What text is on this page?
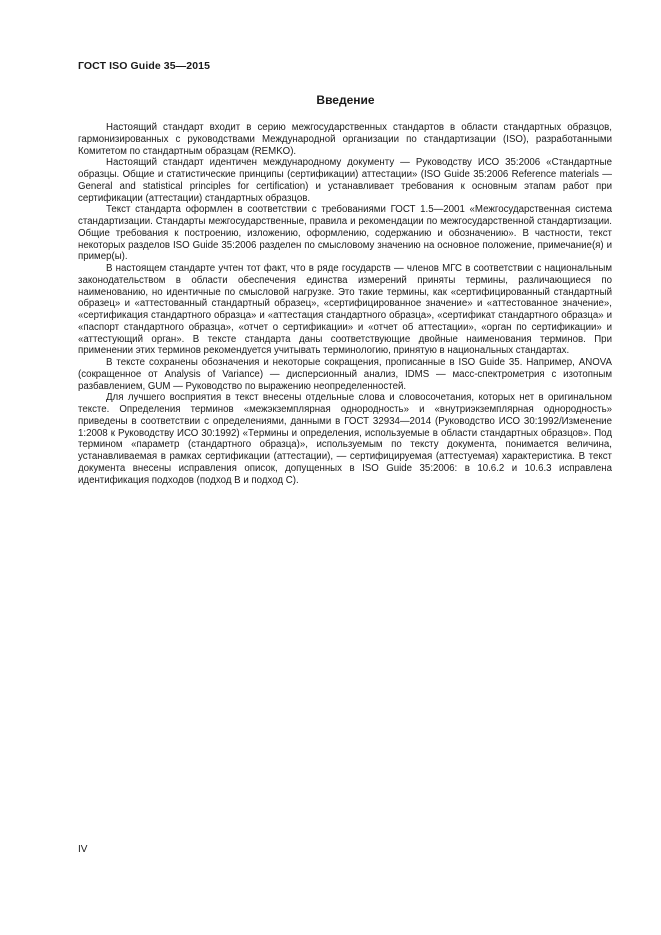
ГОСТ ISO Guide 35—2015
Введение

Настоящий стандарт входит в серию межгосударственных стандартов в области стандартных образцов, гармонизированных с руководствами Международной организации по стандартизации (ISO), разработанными Комитетом по стандартным образцам (REMKO).

Настоящий стандарт идентичен международному документу — Руководству ИСО 35:2006 «Стандартные образцы. Общие и статистические принципы (сертификации) аттестации» (ISO Guide 35:2006 Reference materials — General and statistical principles for certification) и устанавливает требования к основным этапам работ при сертификации (аттестации) стандартных образцов.

Текст стандарта оформлен в соответствии с требованиями ГОСТ 1.5—2001 «Межгосударственная система стандартизации. Стандарты межгосударственные, правила и рекомендации по межгосударственной стандартизации. Общие требования к построению, изложению, оформлению, содержанию и обозначению». В частности, текст некоторых разделов ISO Guide 35:2006 разделен по смысловому значению на основное положение, примечание(я) и пример(ы).

В настоящем стандарте учтен тот факт, что в ряде государств — членов МГС в соответствии с национальным законодательством в области обеспечения единства измерений приняты термины, различающиеся по наименованию, но идентичные по смысловой нагрузке. Это такие термины, как «сертифицированный стандартный образец» и «аттестованный стандартный образец», «сертифицированное значение» и «аттестованное значение», «сертификация стандартного образца» и «аттестация стандартного образца», «сертификат стандартного образца» и «паспорт стандартного образца», «отчет о сертификации» и «отчет об аттестации», «орган по сертификации» и «аттестующий орган». В тексте стандарта даны соответствующие двойные наименования терминов. При применении этих терминов рекомендуется учитывать терминологию, принятую в национальных стандартах.

В тексте сохранены обозначения и некоторые сокращения, прописанные в ISO Guide 35. Например, ANOVA (сокращенное от Analysis of Variance) — дисперсионный анализ, IDMS — масс-спектрометрия с изотопным разбавлением, GUM — Руководство по выражению неопределенностей.

Для лучшего восприятия в текст внесены отдельные слова и словосочетания, которых нет в оригинальном тексте. Определения терминов «межэкземплярная однородность» и «внутриэкземплярная однородность» приведены в соответствии с определениями, данными в ГОСТ 32934—2014 (Руководство ИСО 30:1992/Изменение 1:2008 к Руководству ИСО 30:1992) «Термины и определения, используемые в области стандартных образцов». Под термином «параметр (стандартного образца)», используемым по тексту документа, понимается величина, устанавливаемая в рамках сертификации (аттестации), — сертифицируемая (аттестуемая) характеристика. В текст документа внесены исправления описок, допущенных в ISO Guide 35:2006: в 10.6.2 и 10.6.3 исправлена идентификация подходов (подход B и подход C).

IV
